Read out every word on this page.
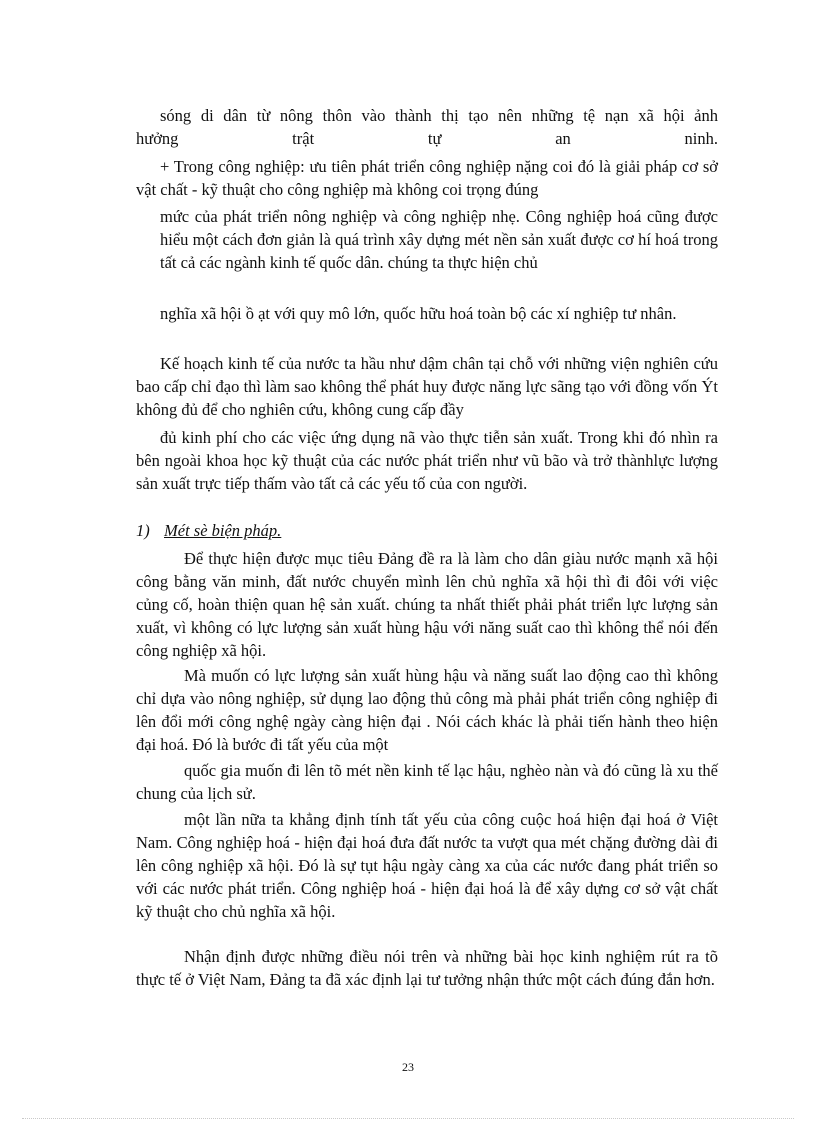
sóng di dân từ nông thôn vào thành thị tạo nên những tệ nạn xã hội ảnh

hưởng trật tự an ninh.

+ Trong công nghiệp: ưu tiên phát triển công nghiệp nặng coi đó là giải pháp cơ sở vật chất - kỹ thuật cho công nghiệp mà không coi trọng đúng

mức của phát triển nông nghiệp và công nghiệp nhẹ. Công nghiệp hoá cũng được hiểu một cách đơn giản là quá trình xây dựng mét nền sản xuất được cơ hí hoá trong tất cả các ngành kinh tế quốc dân. chúng ta thực hiện chủ

nghĩa xã hội ồ ạt với quy mô lớn, quốc hữu hoá toàn bộ các xí nghiệp tư nhân.

Kế hoạch kinh tế của nước ta hầu như dậm chân tại chỗ với những viện nghiên cứu bao cấp chỉ đạo thì làm sao không thể phát huy được năng lực sãng tạo với đồng vốn Ýt không đủ để cho nghiên cứu, không cung cấp đầy

đủ kinh phí cho các việc ứng dụng nã vào thực tiễn sản xuất. Trong khi đó nhìn ra bên ngoài khoa học kỹ thuật của các nước phát triển như vũ bão và trở thànhlực lượng sản xuất trực tiếp thấm vào tất cả các yếu tố của con người.

1) Mét sè biện pháp.

Để thực hiện được mục tiêu Đảng đề ra là làm cho dân giàu nước mạnh xã hội công bằng văn minh, đất nước chuyển mình lên chủ nghĩa xã hội thì đi đôi với việc củng cố, hoàn thiện quan hệ sản xuất. chúng ta nhất thiết phải phát triển lực lượng sản xuất, vì không có lực lượng sản xuất hùng hậu với năng suất cao thì không thể nói đến công nghiệp xã hội.

Mà muốn có lực lượng sản xuất hùng hậu và năng suất lao động cao thì không chỉ dựa vào nông nghiệp, sử dụng lao động thủ công mà phải phát triển công nghiệp đi lên đổi mới công nghệ ngày càng hiện đại . Nói cách khác là phải tiến hành theo hiện đại hoá. Đó là bước đi tất yếu của một

quốc gia muốn đi lên tõ mét nền kinh tế lạc hậu, nghèo nàn và đó cũng là xu thế chung của lịch sử.

một lần nữa ta khẳng định tính tất yếu của công cuộc hoá hiện đại hoá ở Việt Nam. Công nghiệp hoá - hiện đại hoá đưa đất nước ta vượt qua mét chặng đường dài đi lên công nghiệp xã hội. Đó là sự tụt hậu ngày càng xa của các nước đang phát triển so với các nước phát triển. Công nghiệp hoá - hiện đại hoá là để xây dựng cơ sở vật chất kỹ thuật cho chủ nghĩa xã hội.

Nhận định được những điều nói trên và những bài học kinh nghiệm rút ra tõ thực tế ở Việt Nam, Đảng ta đã xác định lại tư tưởng nhận thức một cách đúng đắn hơn.

23
